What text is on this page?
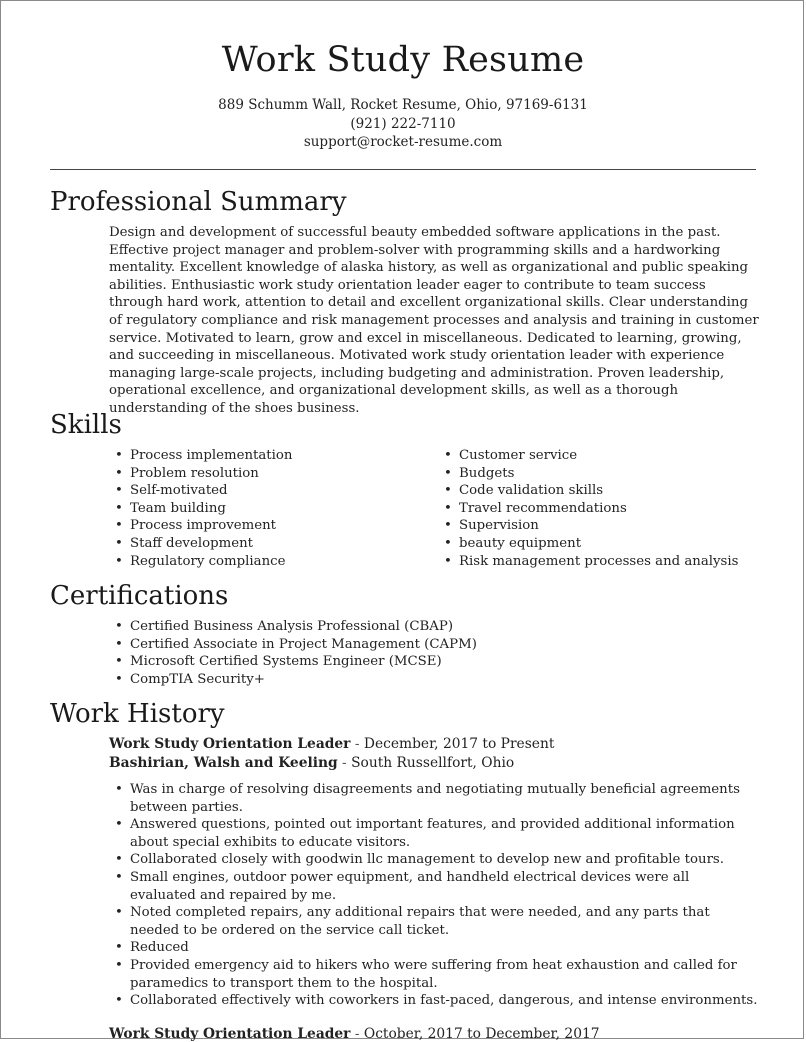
Work Study Resume
889 Schumm Wall, Rocket Resume, Ohio, 97169-6131
(921) 222-7110
support@rocket-resume.com
Professional Summary
Design and development of successful beauty embedded software applications in the past. Effective project manager and problem-solver with programming skills and a hardworking mentality. Excellent knowledge of alaska history, as well as organizational and public speaking abilities. Enthusiastic work study orientation leader eager to contribute to team success through hard work, attention to detail and excellent organizational skills. Clear understanding of regulatory compliance and risk management processes and analysis and training in customer service. Motivated to learn, grow and excel in miscellaneous. Dedicated to learning, growing, and succeeding in miscellaneous. Motivated work study orientation leader with experience managing large-scale projects, including budgeting and administration. Proven leadership, operational excellence, and organizational development skills, as well as a thorough understanding of the shoes business.
Skills
• Process implementation
• Problem resolution
• Self-motivated
• Team building
• Process improvement
• Staff development
• Regulatory compliance
• Customer service
• Budgets
• Code validation skills
• Travel recommendations
• Supervision
• beauty equipment
• Risk management processes and analysis
Certifications
• Certified Business Analysis Professional (CBAP)
• Certified Associate in Project Management (CAPM)
• Microsoft Certified Systems Engineer (MCSE)
• CompTIA Security+
Work History
Work Study Orientation Leader - December, 2017 to Present
Bashirian, Walsh and Keeling - South Russellfort, Ohio
• Was in charge of resolving disagreements and negotiating mutually beneficial agreements between parties.
• Answered questions, pointed out important features, and provided additional information about special exhibits to educate visitors.
• Collaborated closely with goodwin llc management to develop new and profitable tours.
• Small engines, outdoor power equipment, and handheld electrical devices were all evaluated and repaired by me.
• Noted completed repairs, any additional repairs that were needed, and any parts that needed to be ordered on the service call ticket.
• Reduced
• Provided emergency aid to hikers who were suffering from heat exhaustion and called for paramedics to transport them to the hospital.
• Collaborated effectively with coworkers in fast-paced, dangerous, and intense environments.
Work Study Orientation Leader - October, 2017 to December, 2017
